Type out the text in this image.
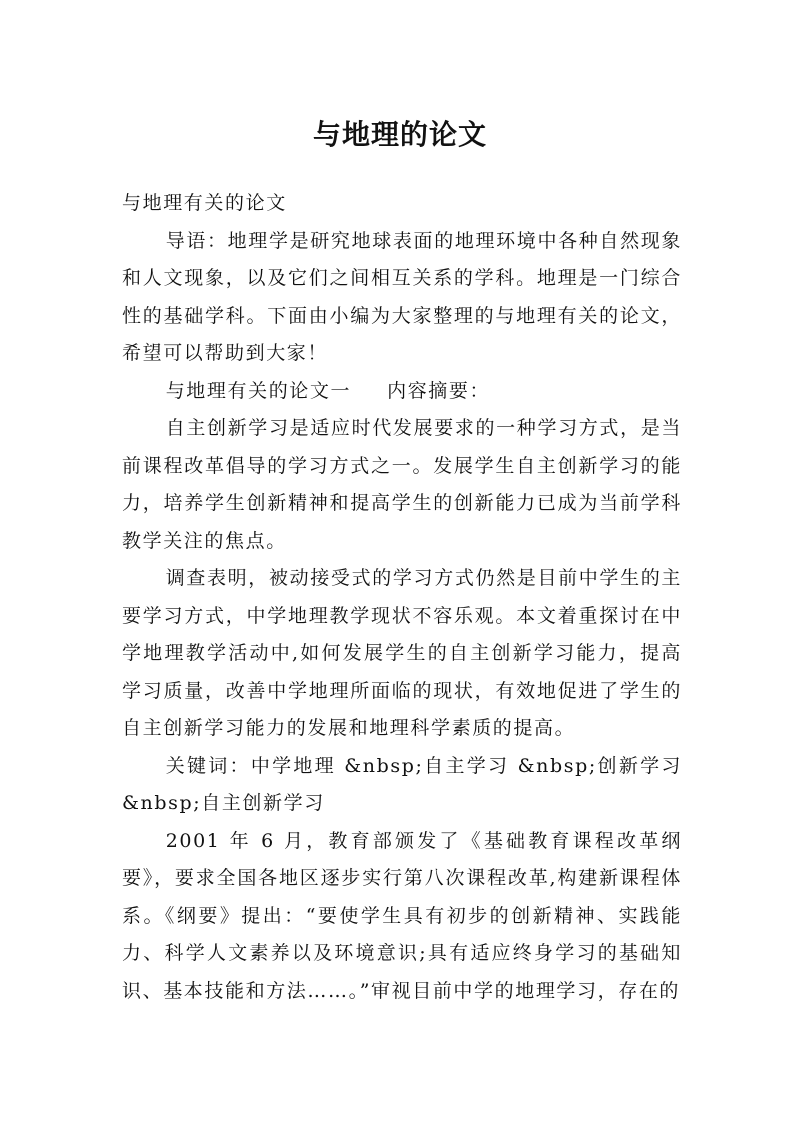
与地理的论文

与地理有关的论文

导语：地理学是研究地球表面的地理环境中各种自然现象和人文现象，以及它们之间相互关系的学科。地理是一门综合性的基础学科。下面由小编为大家整理的与地理有关的论文，希望可以帮助到大家！

与地理有关的论文一 内容摘要：

自主创新学习是适应时代发展要求的一种学习方式，是当前课程改革倡导的学习方式之一。发展学生自主创新学习的能力，培养学生创新精神和提高学生的创新能力已成为当前学科教学关注的焦点。

调查表明，被动接受式的学习方式仍然是目前中学生的主要学习方式，中学地理教学现状不容乐观。本文着重探讨在中学地理教学活动中,如何发展学生的自主创新学习能力，提高学习质量，改善中学地理所面临的现状，有效地促进了学生的自主创新学习能力的发展和地理科学素质的提高。

关键词：中学地理 &nbsp;自主学习 &nbsp;创新学习 &nbsp;自主创新学习

2001 年 6 月，教育部颁发了《基础教育课程改革纲要》，要求全国各地区逐步实行第八次课程改革,构建新课程体系。《纲要》提出：“要使学生具有初步的创新精神、实践能力、科学人文素养以及环境意识;具有适应终身学习的基础知识、基本技能和方法……。”审视目前中学的地理学习，存在的
